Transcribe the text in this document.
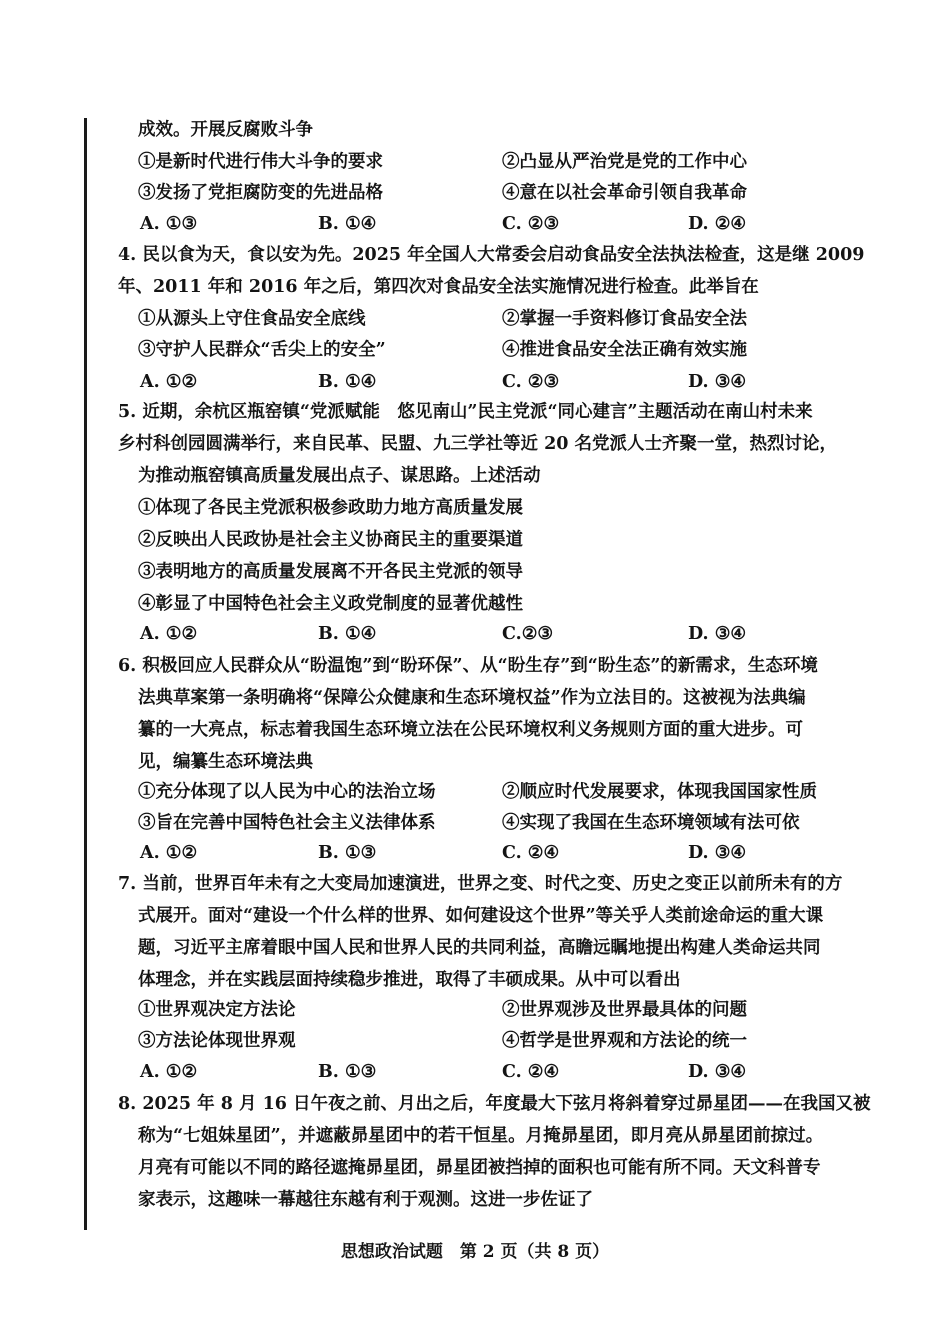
成效。开展反腐败斗争
①是新时代进行伟大斗争的要求	②凸显从严治党是党的工作中心
③发扬了党拒腐防变的先进品格	④意在以社会革命引领自我革命
A. ①③	B. ①④	C. ②③	D. ②④
4. 民以食为天，食以安为先。2025 年全国人大常委会启动食品安全法执法检查，这是继 2009
年、2011 年和 2016 年之后，第四次对食品安全法实施情况进行检查。此举旨在
①从源头上守住食品安全底线	②掌握一手资料修订食品安全法
③守护人民群众“舌尖上的安全”	④推进食品安全法正确有效实施
A. ①②	B. ①④	C. ②③	D. ③④
5. 近期，余杭区瓶窑镇“党派赋能　悠见南山”民主党派“同心建言”主题活动在南山村未来
乡村科创园圆满举行，来自民革、民盟、九三学社等近 20 名党派人士齐聚一堂，热烈讨论，
为推动瓶窑镇高质量发展出点子、谋思路。上述活动
①体现了各民主党派积极参政助力地方高质量发展
②反映出人民政协是社会主义协商民主的重要渠道
③表明地方的高质量发展离不开各民主党派的领导
④彰显了中国特色社会主义政党制度的显著优越性
A. ①②	B. ①④	C.②③	D. ③④
6. 积极回应人民群众从“盼温饱”到“盼环保”、从“盼生存”到“盼生态”的新需求，生态环境
法典草案第一条明确将“保障公众健康和生态环境权益”作为立法目的。这被视为法典编
纂的一大亮点，标志着我国生态环境立法在公民环境权利义务规则方面的重大进步。可
见，编纂生态环境法典
①充分体现了以人民为中心的法治立场	②顺应时代发展要求，体现我国国家性质
③旨在完善中国特色社会主义法律体系	④实现了我国在生态环境领域有法可依
A. ①②	B. ①③	C. ②④	D. ③④
7. 当前，世界百年未有之大变局加速演进，世界之变、时代之变、历史之变正以前所未有的方
式展开。面对“建设一个什么样的世界、如何建设这个世界”等关乎人类前途命运的重大课
题，习近平主席着眼中国人民和世界人民的共同利益，高瞻远瞩地提出构建人类命运共同
体理念，并在实践层面持续稳步推进，取得了丰硕成果。从中可以看出
①世界观决定方法论	②世界观涉及世界最具体的问题
③方法论体现世界观	④哲学是世界观和方法论的统一
A. ①②	B. ①③	C. ②④	D. ③④
8. 2025 年 8 月 16 日午夜之前、月出之后，年度最大下弦月将斜着穿过昴星团——在我国又被
称为“七姐妹星团”，并遮蔽昴星团中的若干恒星。月掩昴星团，即月亮从昴星团前掠过。
月亮有可能以不同的路径遮掩昴星团，昴星团被挡掉的面积也可能有所不同。天文科普专
家表示，这趣味一幕越往东越有利于观测。这进一步佐证了
思想政治试题　第 2 页（共 8 页）
